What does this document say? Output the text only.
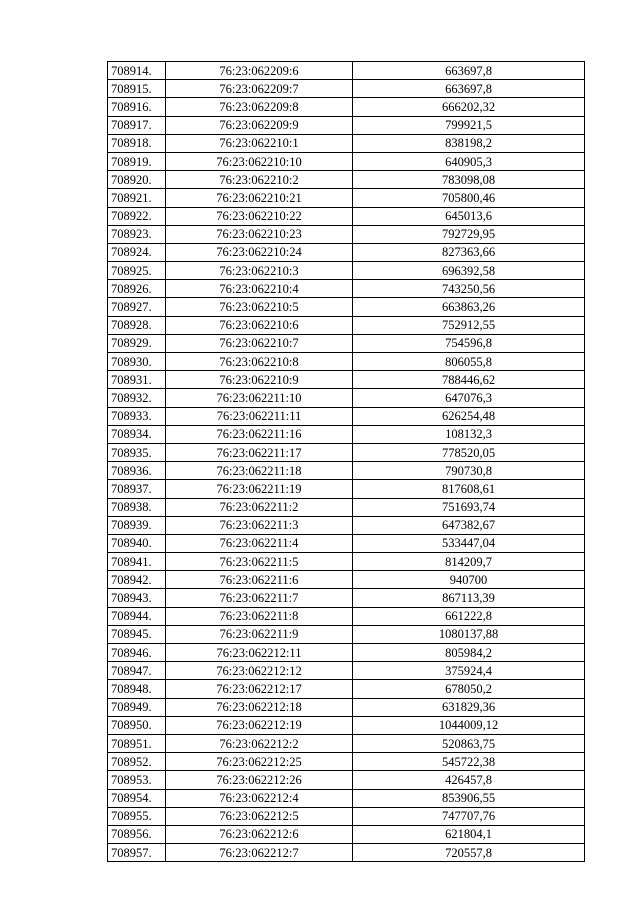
708914.	76:23:062209:6	663697,8
708915.	76:23:062209:7	663697,8
708916.	76:23:062209:8	666202,32
708917.	76:23:062209:9	799921,5
708918.	76:23:062210:1	838198,2
708919.	76:23:062210:10	640905,3
708920.	76:23:062210:2	783098,08
708921.	76:23:062210:21	705800,46
708922.	76:23:062210:22	645013,6
708923.	76:23:062210:23	792729,95
708924.	76:23:062210:24	827363,66
708925.	76:23:062210:3	696392,58
708926.	76:23:062210:4	743250,56
708927.	76:23:062210:5	663863,26
708928.	76:23:062210:6	752912,55
708929.	76:23:062210:7	754596,8
708930.	76:23:062210:8	806055,8
708931.	76:23:062210:9	788446,62
708932.	76:23:062211:10	647076,3
708933.	76:23:062211:11	626254,48
708934.	76:23:062211:16	108132,3
708935.	76:23:062211:17	778520,05
708936.	76:23:062211:18	790730,8
708937.	76:23:062211:19	817608,61
708938.	76:23:062211:2	751693,74
708939.	76:23:062211:3	647382,67
708940.	76:23:062211:4	533447,04
708941.	76:23:062211:5	814209,7
708942.	76:23:062211:6	940700
708943.	76:23:062211:7	867113,39
708944.	76:23:062211:8	661222,8
708945.	76:23:062211:9	1080137,88
708946.	76:23:062212:11	805984,2
708947.	76:23:062212:12	375924,4
708948.	76:23:062212:17	678050,2
708949.	76:23:062212:18	631829,36
708950.	76:23:062212:19	1044009,12
708951.	76:23:062212:2	520863,75
708952.	76:23:062212:25	545722,38
708953.	76:23:062212:26	426457,8
708954.	76:23:062212:4	853906,55
708955.	76:23:062212:5	747707,76
708956.	76:23:062212:6	621804,1
708957.	76:23:062212:7	720557,8
